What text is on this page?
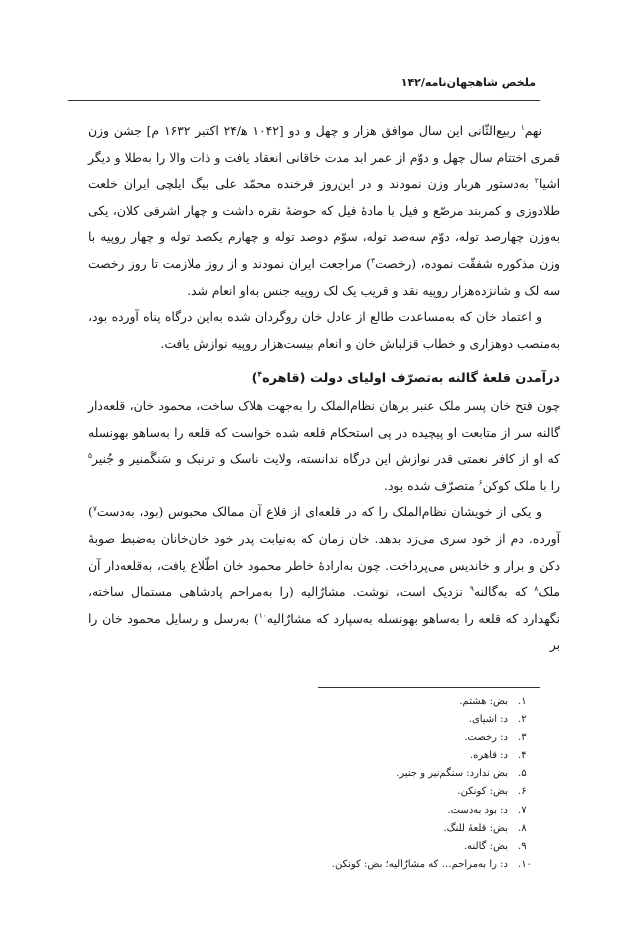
ملخص شاهجهان‌نامه/۱۴۲

نهم$^۱$ ربیع‌الثّانی این سال موافق هزار و چهل و دو [۱۰۴۲ ه‍/۲۴ اکتبر ۱۶۳۲ م] جشن وزن قمری اختتام سال چهل و دوّم از عمر ابد مدت خاقانی انعقاد یافت و ذات والا را به‌طلا و دیگر اشیا$^۲$ به‌دستور هربار وزن نمودند و در این‌روز فرخنده محمّد علی بیگ ایلچی ایران خلعت طلادوزی و کمربند مرصّع و فیل با مادهٔ فیل که حوضهٔ نقره داشت و چهار اشرفی کلان، یکی به‌وزن چهارصد توله، دوّم سه‌صد توله، سوّم دوصد توله و چهارم یکصد توله و چهار روپیه با وزن مذکوره شفقّت نموده، (رخصت$^۳$) مراجعت ایران نمودند و از روز ملازمت تا روز رخصت سه لک و شانزده‌هزار روپیه نقد و قریب یک لک روپیه جنس به‌او انعام شد.

و اعتماد خان که به‌مساعدت طالع از عادل خان روگردان شده به‌این درگاه پناه آورده بود، به‌منصب دوهزاری و خطاب قزلباش خان و انعام بیست‌هزار روپیه نوازش یافت.

درآمدن قلعهٔ گالنه به‌تصرّف اولیای دولت (قاهره$^۴$)

چون فتح خان پسر ملک عنبر برهان نظام‌الملک را به‌جهت هلاک ساخت، محمود خان، قلعه‌دار گالنه سر از متابعت او پیچیده در پی استحکام قلعه شده خواست که قلعه را به‌ساهو بهونسله که او از کافر نعمتی قدر نوازش این درگاه ندانسته، ولایت ناسک و ترنبک و سَنگَمنیر و جُنیر$^۵$ را با ملک کوکن$^۶$ متصرّف شده بود.

و یکی از خویشان نظام‌الملک را که در قلعه‌ای از قلاع آن ممالک محبوس (بود، به‌دست$^۷$) آورده. دم از خود سری می‌زد بدهد. خان زمان که به‌نیابت پدر خود خان‌خانان به‌ضبط صوبهٔ دکن و برار و خاندیس می‌پرداخت. چون به‌ارادهٔ خاطر محمود خان اطّلاع یافت، به‌قلعه‌دار آن ملک$^۸$ که به‌گالنه$^۹$ نزدیک است، نوشت. مشارٌالیه (را به‌مراحم پادشاهی مستمال ساخته، نگهدارد که قلعه را به‌ساهو بهونسله به‌سپارد که مشارٌالیه$^{۱۰}$) به‌رسل و رسایل محمود خان را بر

۱.
بض: هشتم.
۲.
د: اشیای.
۳.
د: رخصت.
۴.
د: قاهره.
۵.
بض ندارد: سنگم‌نیر و جنیر.
۶.
بض: کونکن.
۷.
د: بود به‌دست.
۸.
بض: قلعهٔ للنگ.
۹.
بض: گالنه.
۱۰.
د: را به‌مراحم… که مشارٌالیه؛ بض: کونکن.
